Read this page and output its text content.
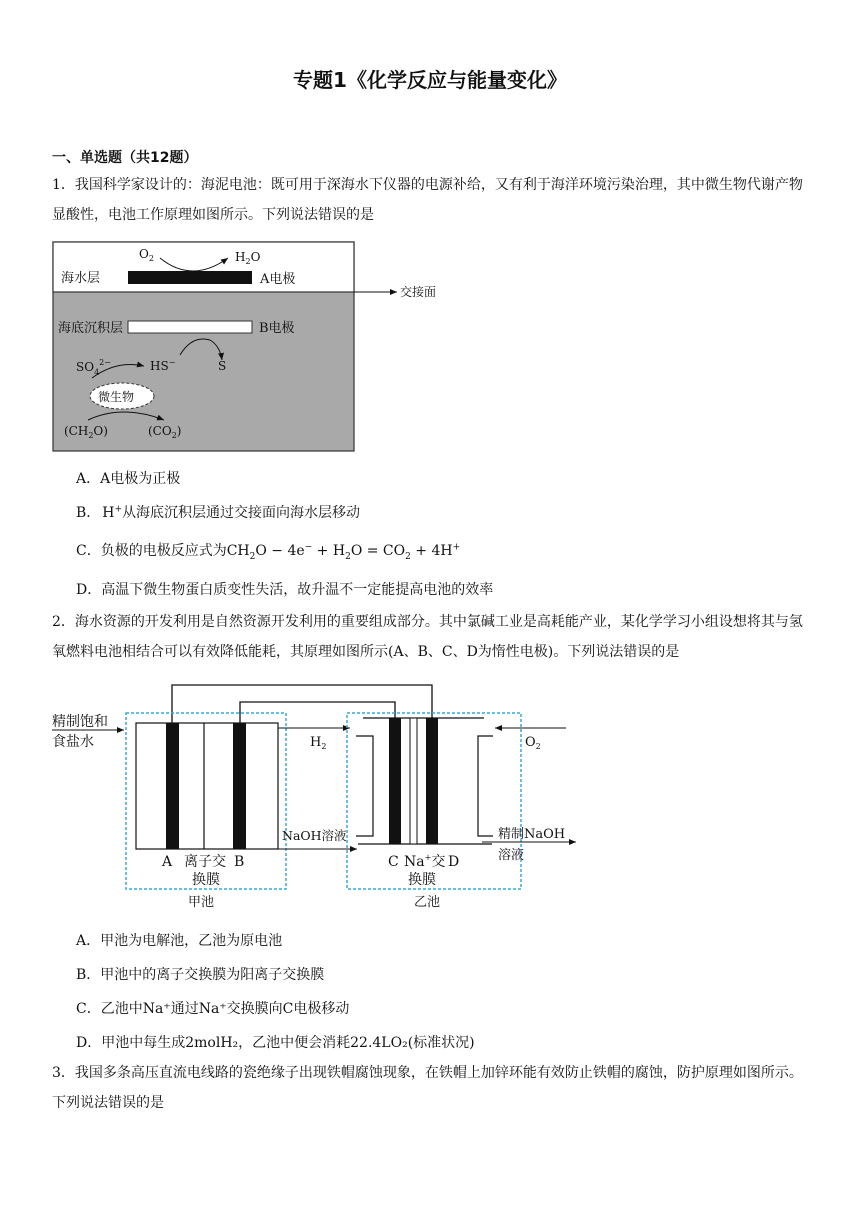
专题1《化学反应与能量变化》
一、单选题（共12题）
1．我国科学家设计的：海泥电池：既可用于深海水下仪器的电源补给，又有利于海洋环境污染治理，其中微生物代谢产物显酸性，电池工作原理如图所示。下列说法错误的是
交接面
海水层	A电极
$O_2$	$H_2O$
海底沉积层	B电极
$SO_4^{2-}$	HS−	S
微生物
$(CH_2O)$	$(CO_2)$
A．A电极为正极
B． H+从海底沉积层通过交接面向海水层移动
C．负极的电极反应式为$CH_2O - 4e^- + H_2O = CO_2 + 4H^+$
D．高温下微生物蛋白质变性失活，故升温不一定能提高电池的效率
2．海水资源的开发利用是自然资源开发利用的重要组成部分。其中氯碱工业是高耗能产业，某化学学习小组设想将其与氢氧燃料电池相结合可以有效降低能耗，其原理如图所示(A、B、C、D为惰性电极)。下列说法错误的是
精制饱和
食盐水	$H_2$
NaOH溶液
$O_2$
精制NaOH
溶液
A 离子交 B
换膜
C Na+交 D
换膜
甲池	乙池
A．甲池为电解池，乙池为原电池
B．甲池中的离子交换膜为阳离子交换膜
C．乙池中Na⁺通过Na⁺交换膜向C电极移动
D．甲池中每生成2molH₂，乙池中便会消耗22.4LO₂(标准状况)
3．我国多条高压直流电线路的瓷绝缘子出现铁帽腐蚀现象，在铁帽上加锌环能有效防止铁帽的腐蚀，防护原理如图所示。下列说法错误的是
